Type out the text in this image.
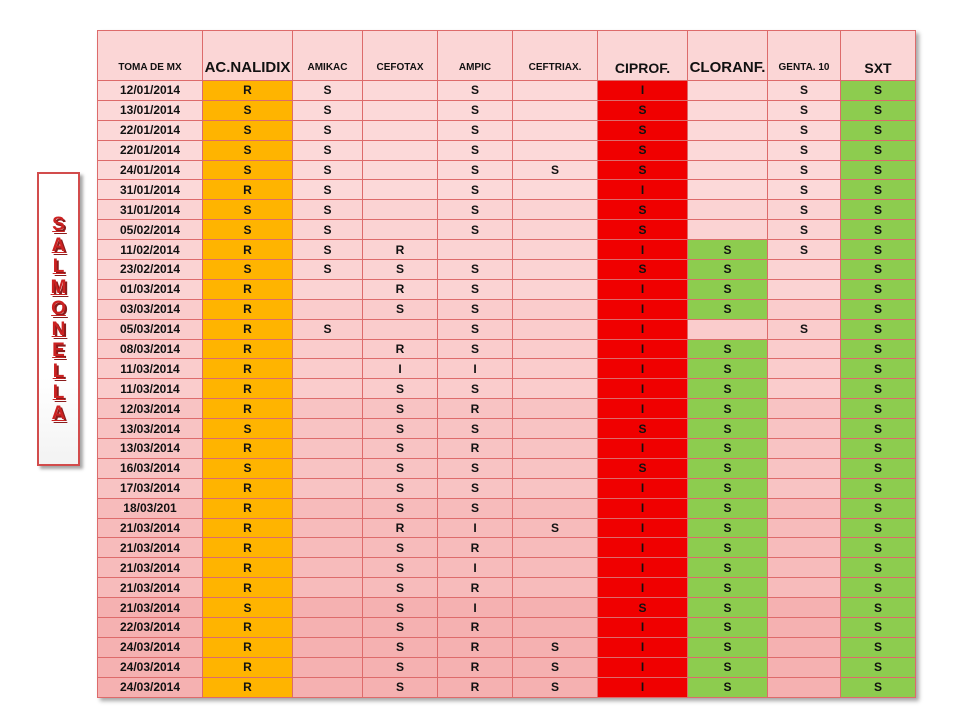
S
A
L
M
O
N
E
L
L
A
TOMA DE MX	AC.NALIDIX	AMIKAC	CEFOTAX	AMPIC	CEFTRIAX.	CIPROF.	CLORANF.	GENTA. 10	SXT
12/01/2014	R	S		S		I		S	S
13/01/2014	S	S		S		S		S	S
22/01/2014	S	S		S		S		S	S
22/01/2014	S	S		S		S		S	S
24/01/2014	S	S		S	S	S		S	S
31/01/2014	R	S		S		I		S	S
31/01/2014	S	S		S		S		S	S
05/02/2014	S	S		S		S		S	S
11/02/2014	R	S	R			I	S	S	S
23/02/2014	S	S	S	S		S	S		S
01/03/2014	R		R	S		I	S		S
03/03/2014	R		S	S		I	S		S
05/03/2014	R	S		S		I		S	S
08/03/2014	R		R	S		I	S		S
11/03/2014	R		I	I		I	S		S
11/03/2014	R		S	S		I	S		S
12/03/2014	R		S	R		I	S		S
13/03/2014	S		S	S		S	S		S
13/03/2014	R		S	R		I	S		S
16/03/2014	S		S	S		S	S		S
17/03/2014	R		S	S		I	S		S
18/03/201	R		S	S		I	S		S
21/03/2014	R		R	I	S	I	S		S
21/03/2014	R		S	R		I	S		S
21/03/2014	R		S	I		I	S		S
21/03/2014	R		S	R		I	S		S
21/03/2014	S		S	I		S	S		S
22/03/2014	R		S	R		I	S		S
24/03/2014	R		S	R	S	I	S		S
24/03/2014	R		S	R	S	I	S		S
24/03/2014	R		S	R	S	I	S		S
